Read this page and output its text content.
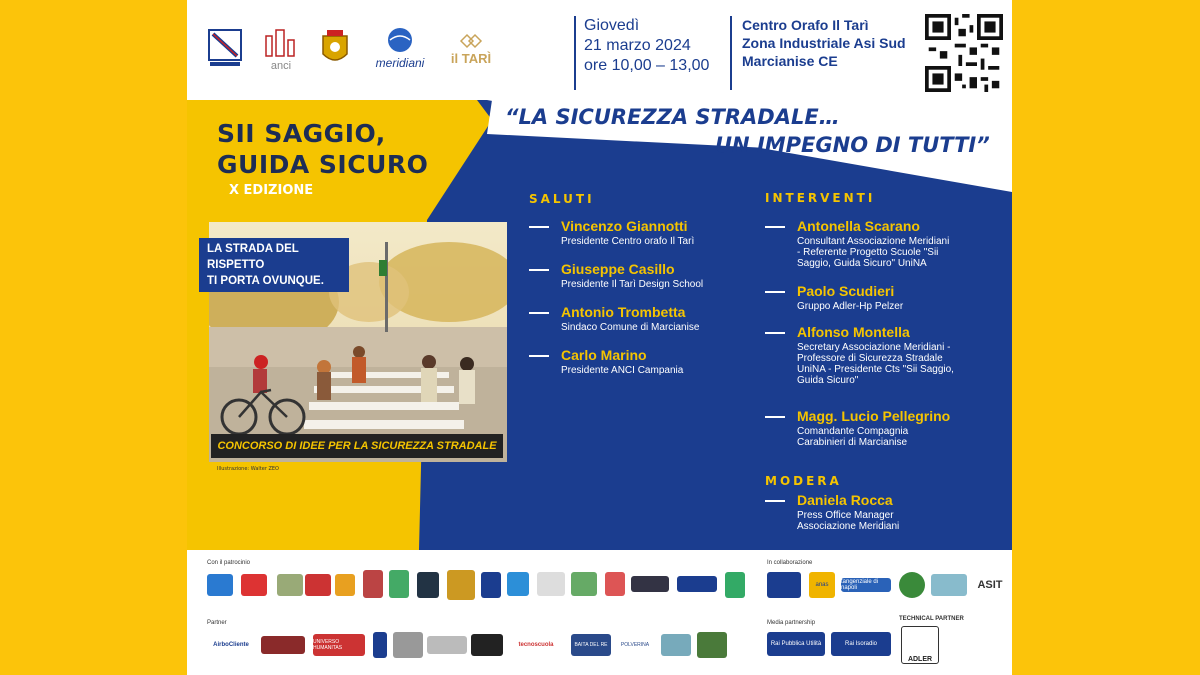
anci	meridiani il TARÌ
Giovedì
21 marzo 2024
ore 10,00 – 13,00
Centro Orafo Il Tarì
Zona Industriale Asi Sud
Marcianise CE
SII SAGGIO,
GUIDA SICURO
X EDIZIONE
“LA SICUREZZA STRADALE…
UN IMPEGNO DI TUTTI”
LA STRADA DEL RISPETTO
TI PORTA OVUNQUE.
CONCORSO DI IDEE PER LA SICUREZZA STRADALE
Illustrazione: Walter ZEO
SALUTI
Vincenzo Giannotti
Presidente Centro orafo Il Tarì
Giuseppe Casillo
Presidente Il Tarì Design School
Antonio Trombetta
Sindaco Comune di Marcianise
Carlo Marino
Presidente ANCI Campania
INTERVENTI
Antonella Scarano
Consultant Associazione Meridiani
- Referente Progetto Scuole "Sii
Saggio, Guida Sicuro" UniNA
Paolo Scudieri
Gruppo Adler-Hp Pelzer
Alfonso Montella
Secretary Associazione Meridiani -
Professore di Sicurezza Stradale
UniNA - Presidente Cts "Sii Saggio,
Guida Sicuro"
Magg. Lucio Pellegrino
Comandante Compagnia
Carabinieri di Marcianise
MODERA
Daniela Rocca
Press Office Manager
Associazione Meridiani
Con il patrocinio	In collaborazione
Partner	Media partnership
TECHNICAL PARTNER
anas	tangenziale di napoli	ASIT
AirboCliente	UNIVERSO HUMANITAS	tecnoscuola	BAITA DEL RE	POLVERINA	Rai Pubblica Utilità	Rai Isoradio
ADLER
